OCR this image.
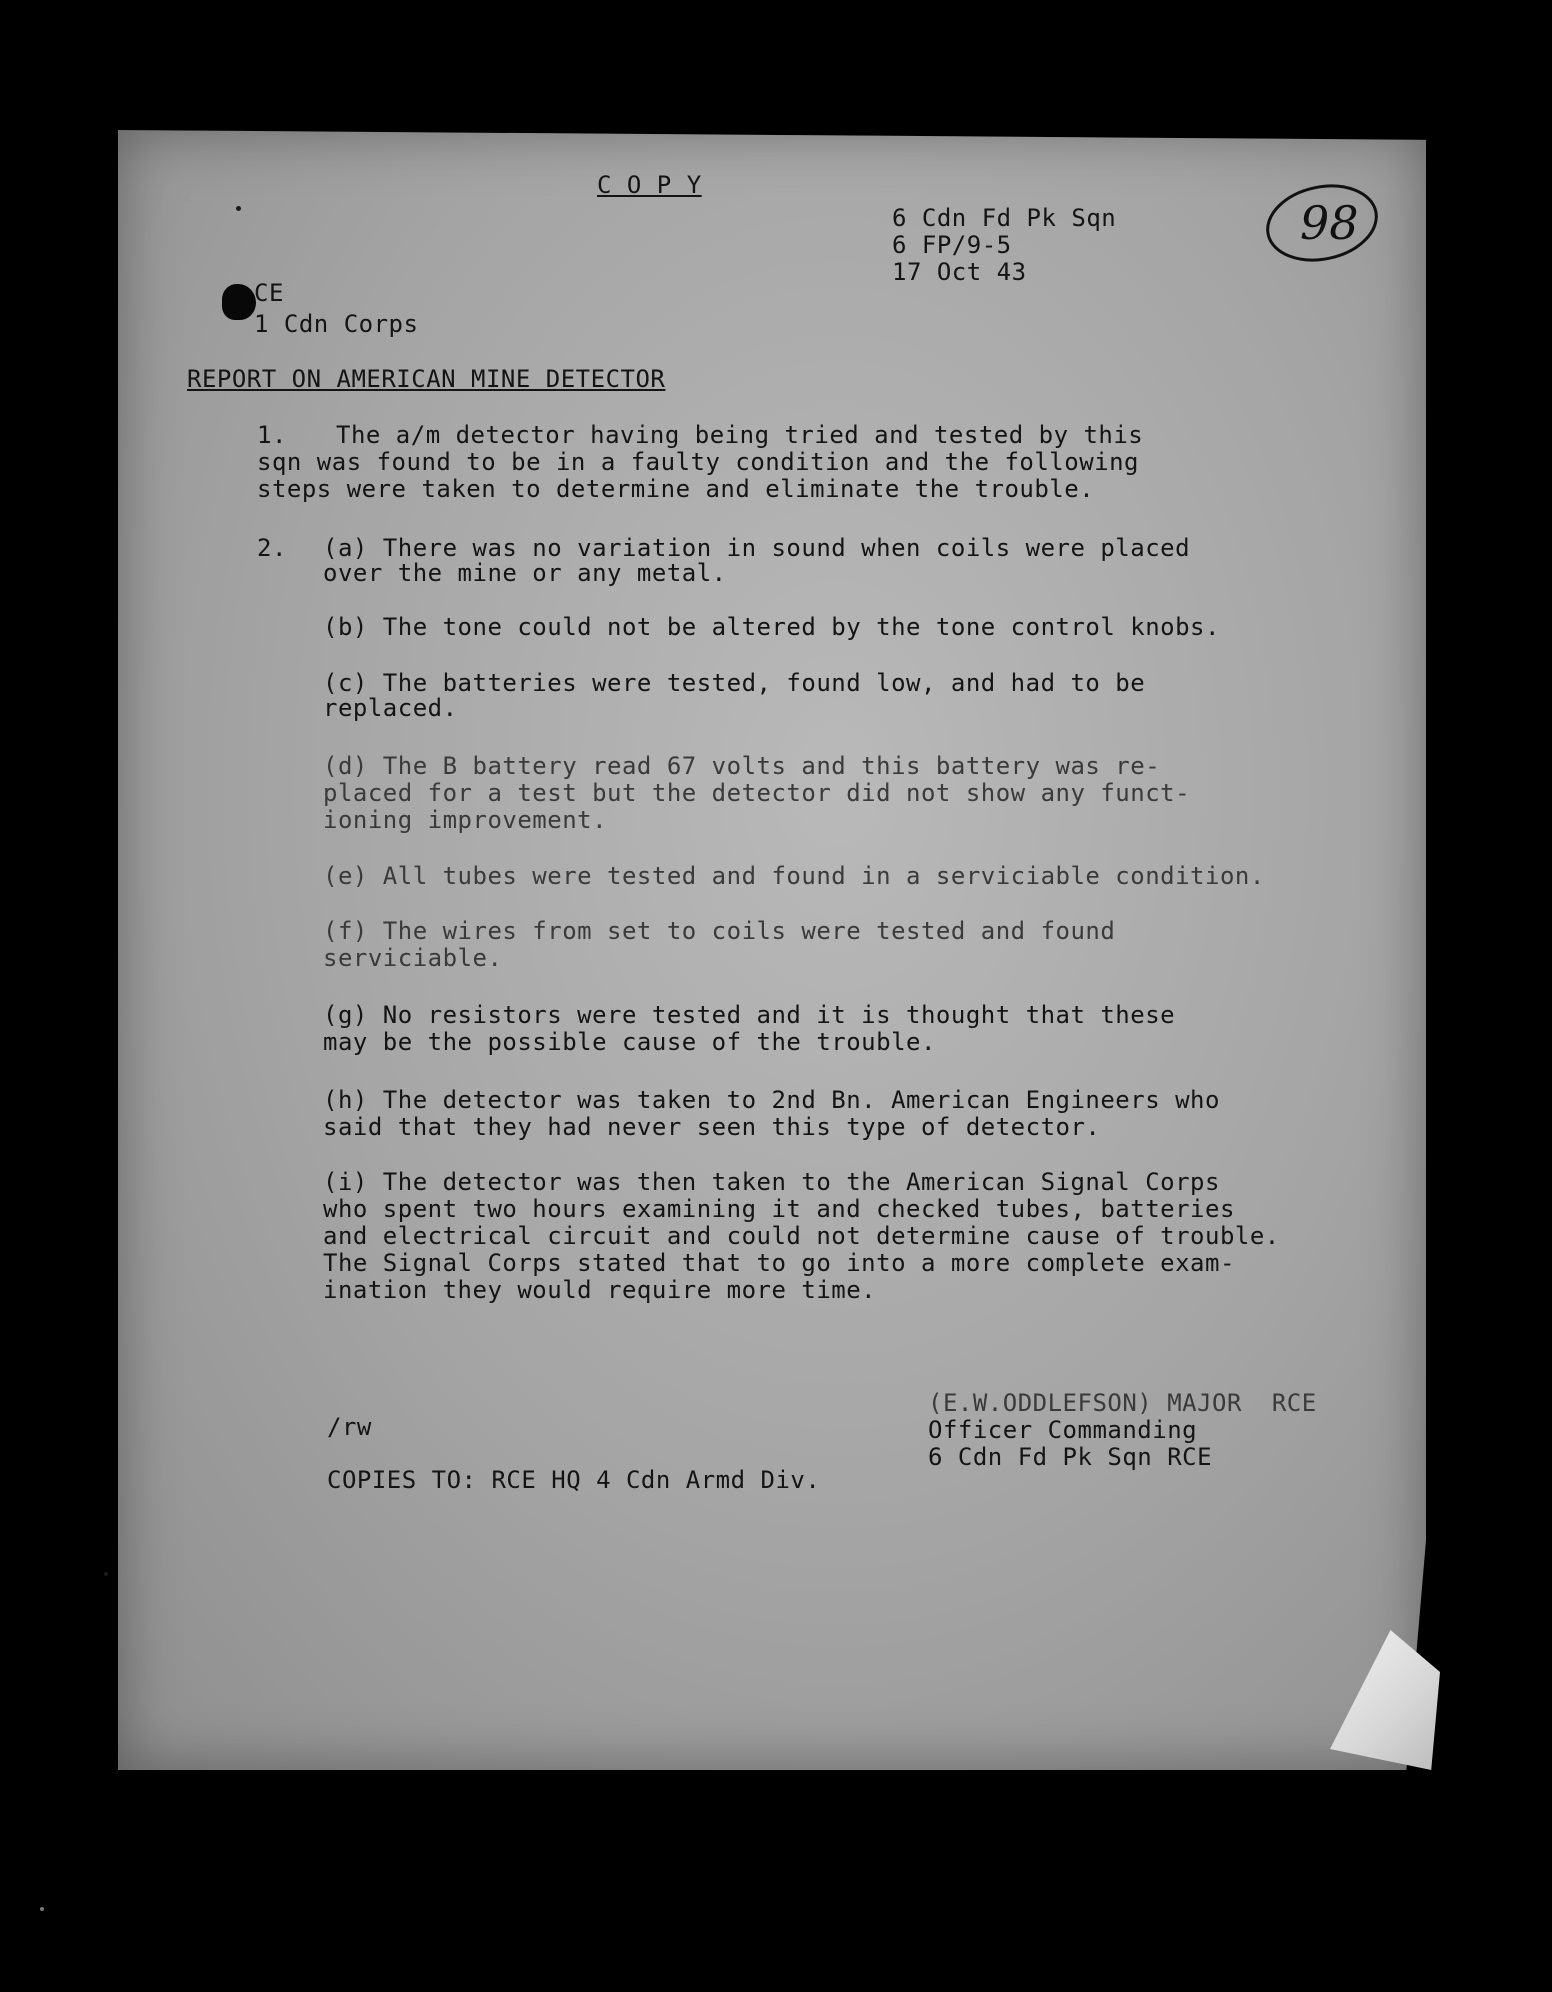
C O P Y
6 Cdn Fd Pk Sqn
6 FP/9-5
17 Oct 43
98
CE
1 Cdn Corps
REPORT ON AMERICAN MINE DETECTOR
1. The a/m detector having being tried and tested by this
sqn was found to be in a faulty condition and the following
steps were taken to determine and eliminate the trouble.
2. (a) There was no variation in sound when coils were placed
over the mine or any metal.
(b) The tone could not be altered by the tone control knobs.
(c) The batteries were tested, found low, and had to be
replaced.
(d) The B battery read 67 volts and this battery was re-
placed for a test but the detector did not show any funct-
ioning improvement.
(e) All tubes were tested and found in a serviciable condition.
(f) The wires from set to coils were tested and found
serviciable.
(g) No resistors were tested and it is thought that these
may be the possible cause of the trouble.
(h) The detector was taken to 2nd Bn. American Engineers who
said that they had never seen this type of detector.
(i) The detector was then taken to the American Signal Corps
who spent two hours examining it and checked tubes, batteries
and electrical circuit and could not determine cause of trouble.
The Signal Corps stated that to go into a more complete exam-
ination they would require more time.
(E.W.ODDLEFSON) MAJOR  RCE
Officer Commanding
6 Cdn Fd Pk Sqn RCE
/rw
COPIES TO: RCE HQ 4 Cdn Armd Div.
